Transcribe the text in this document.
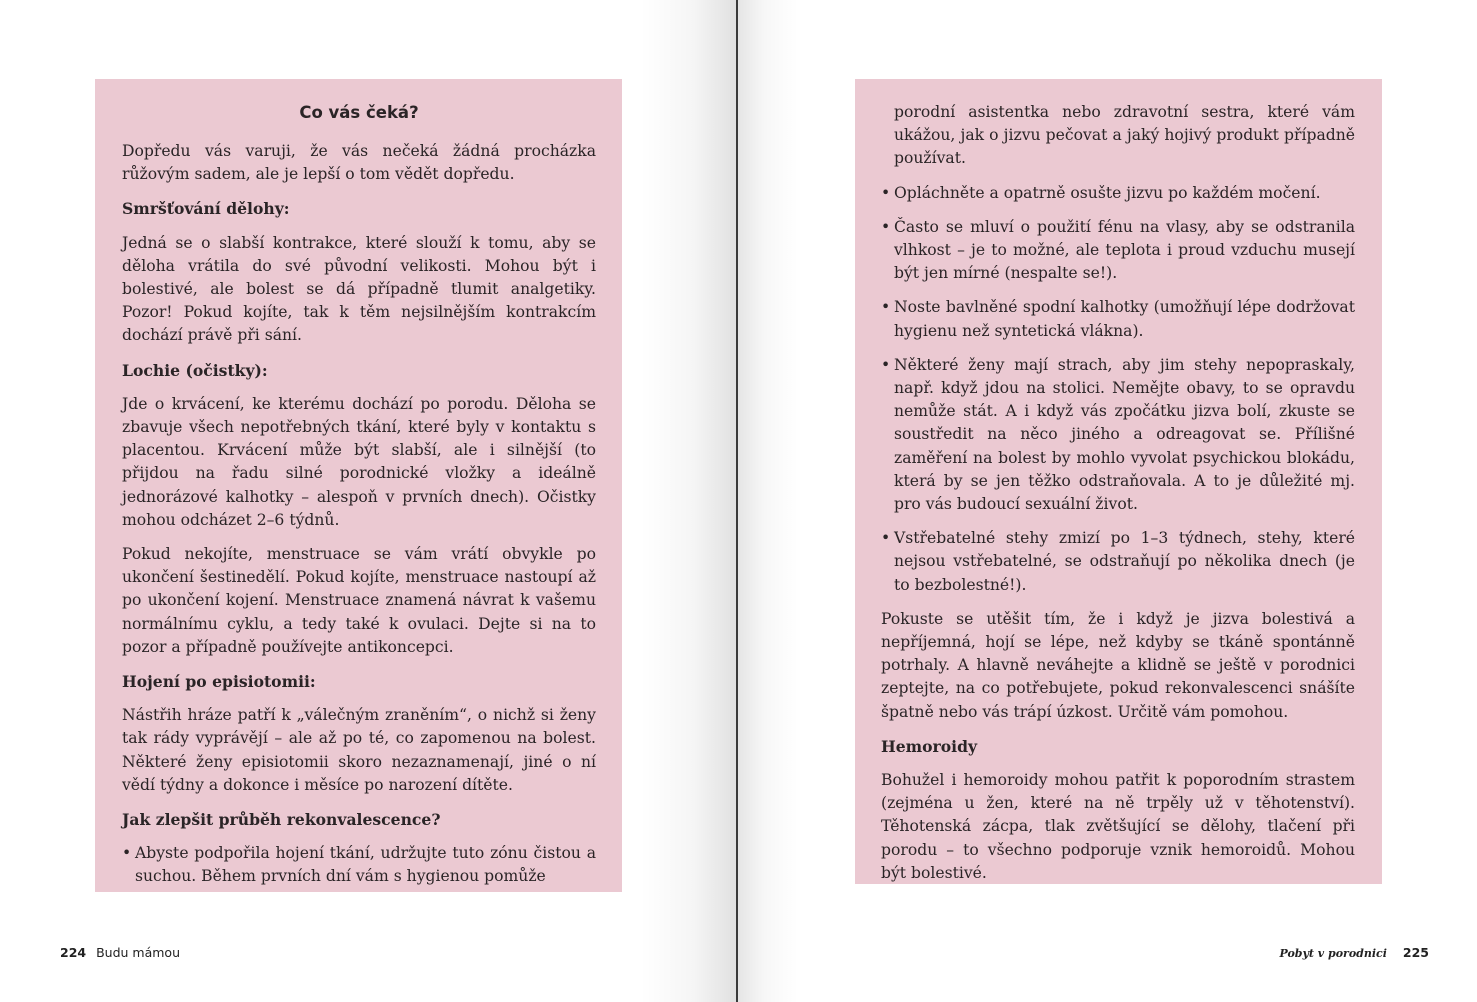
Co vás čeká?

Dopředu vás varuji, že vás nečeká žádná procházka růžovým sadem, ale je lepší o tom vědět dopředu.

Smršťování dělohy:

Jedná se o slabší kontrakce, které slouží k tomu, aby se děloha vrátila do své původní velikosti. Mohou být i bolestivé, ale bolest se dá případně tlumit analgetiky. Pozor! Pokud kojíte, tak k těm nejsilnějším kontrakcím dochází právě při sání.

Lochie (očistky):

Jde o krvácení, ke kterému dochází po porodu. Děloha se zbavuje všech nepotřebných tkání, které byly v kontaktu s placentou. Krvácení může být slabší, ale i silnější (to přijdou na řadu silné porodnické vložky a ideálně jednorázové kalhotky – alespoň v prvních dnech). Očistky mohou odcházet 2–6 týdnů.

Pokud nekojíte, menstruace se vám vrátí obvykle po ukončení šestinedělí. Pokud kojíte, menstruace nastoupí až po ukončení kojení. Menstruace znamená návrat k vašemu normálnímu cyklu, a tedy také k ovulaci. Dejte si na to pozor a případně používejte antikoncepci.

Hojení po episiotomii:

Nástřih hráze patří k „válečným zraněním“, o nichž si ženy tak rády vyprávějí – ale až po té, co zapomenou na bolest. Některé ženy episiotomii skoro nezaznamenají, jiné o ní vědí týdny a dokonce i měsíce po narození dítěte.

Jak zlepšit průběh rekonvalescence?
• Abyste podpořila hojení tkání, udržujte tuto zónu čistou a suchou. Během prvních dní vám s hygienou pomůže
224 Budu mámou

porodní asistentka nebo zdravotní sestra, které vám ukážou, jak o jizvu pečovat a jaký hojivý produkt případně používat.

• Opláchněte a opatrně osušte jizvu po každém močení.
• Často se mluví o použití fénu na vlasy, aby se odstranila vlhkost – je to možné, ale teplota i proud vzduchu musejí být jen mírné (nespalte se!).
• Noste bavlněné spodní kalhotky (umožňují lépe dodržovat hygienu než syntetická vlákna).
• Některé ženy mají strach, aby jim stehy nepopraskaly, např. když jdou na stolici. Nemějte obavy, to se opravdu nemůže stát. A i když vás zpočátku jizva bolí, zkuste se soustředit na něco jiného a odreagovat se. Přílišné zaměření na bolest by mohlo vyvolat psychickou blokádu, která by se jen těžko odstraňovala. A to je důležité mj. pro vás budoucí sexuální život.
• Vstřebatelné stehy zmizí po 1–3 týdnech, stehy, které nejsou vstřebatelné, se odstraňují po několika dnech (je to bezbolestné!).

Pokuste se utěšit tím, že i když je jizva bolestivá a nepříjemná, hojí se lépe, než kdyby se tkáně spontánně potrhaly. A hlavně neváhejte a klidně se ještě v porodnici zeptejte, na co potřebujete, pokud rekonvalescenci snášíte špatně nebo vás trápí úzkost. Určitě vám pomohou.

Hemoroidy

Bohužel i hemoroidy mohou patřit k poporodním strastem (zejména u žen, které na ně trpěly už v těhotenství). Těhotenská zácpa, tlak zvětšující se dělohy, tlačení při porodu – to všechno podporuje vznik hemoroidů. Mohou být bolestivé.

Pobyt v porodnici 225
